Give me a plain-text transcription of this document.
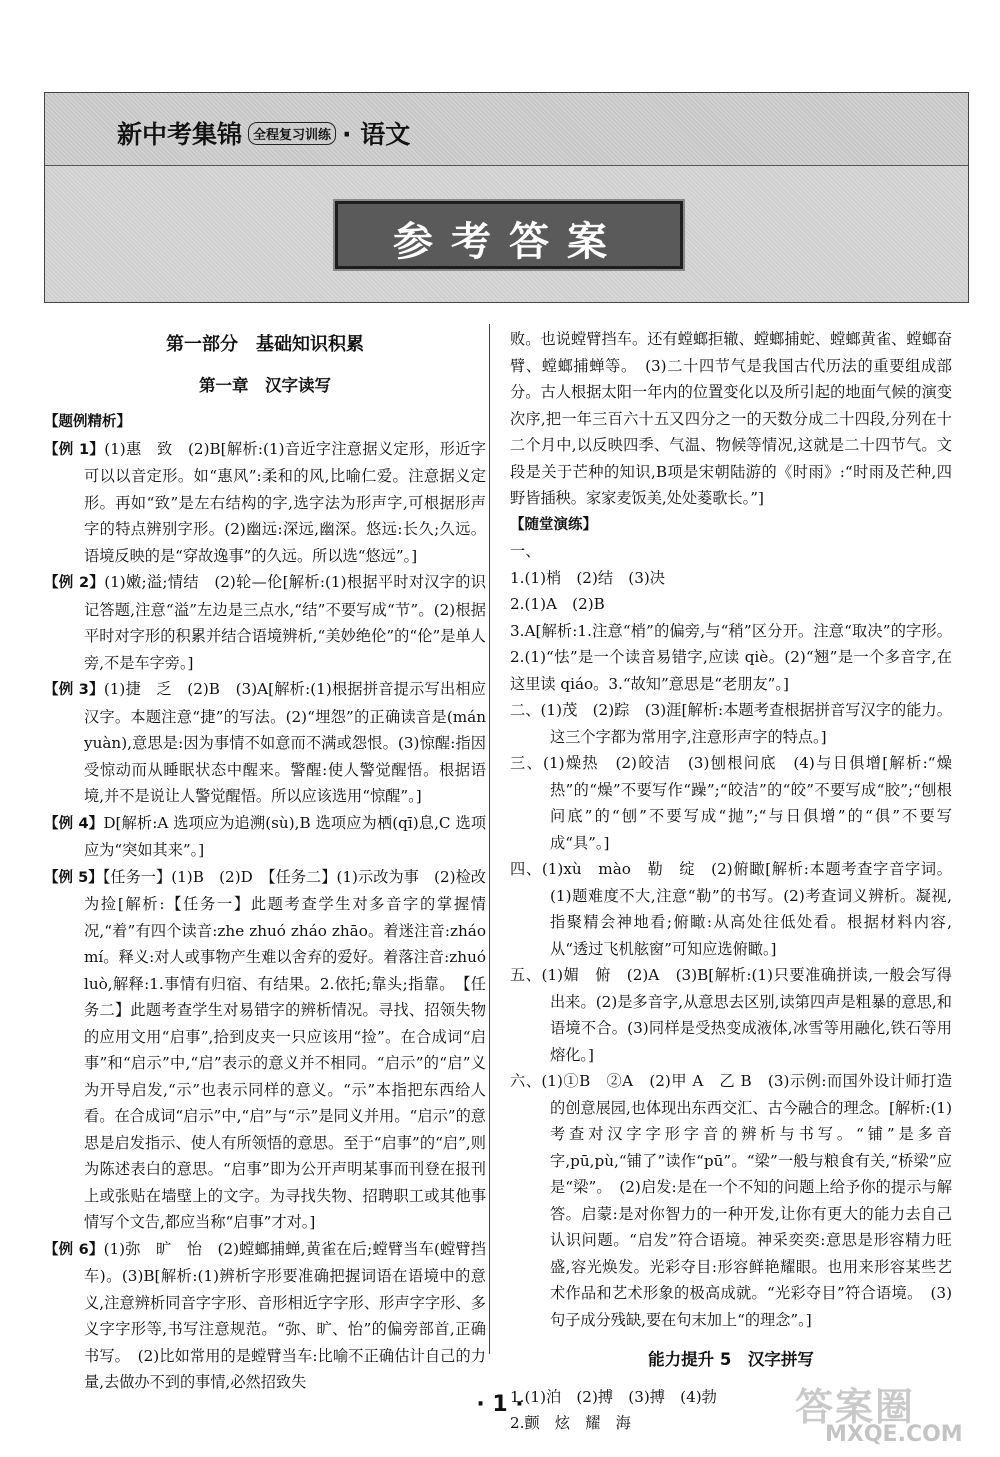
新中考集锦 全程复习训练 · 语文
参考答案

第一部分　基础知识积累

第一章　汉字读写

【题例精析】

【例 1】(1)惠　致　(2)B[解析:(1)音近字注意据义定形，形近字可以以音定形。如“惠风”:柔和的风,比喻仁爱。注意据义定形。再如“致”是左右结构的字,选字法为形声字,可根据形声字的特点辨别字形。(2)幽远:深远,幽深。悠远:长久;久远。语境反映的是“穿故逸事”的久远。所以选“悠远”。]

【例 2】(1)嫩;溢;情结　(2)轮—伦[解析:(1)根据平时对汉字的识记答题,注意“溢”左边是三点水,“结”不要写成“节”。(2)根据平时对字形的积累并结合语境辨析,“美妙绝伦”的“伦”是单人旁,不是车字旁。]

【例 3】(1)捷　乏　(2)B　(3)A[解析:(1)根据拼音提示写出相应汉字。本题注意“捷”的写法。(2)“埋怨”的正确读音是(mán yuàn),意思是:因为事情不如意而不满或怨恨。(3)惊醒:指因受惊动而从睡眠状态中醒来。警醒:使人警觉醒悟。根据语境,并不是说让人警觉醒悟。所以应该选用“惊醒”。]

【例 4】D[解析:A 选项应为追溯(sù),B 选项应为栖(qī)息,C 选项应为“突如其来”。]

【例 5】【任务一】(1)B　(2)D　【任务二】(1)示改为事　(2)检改为捡[解析:【任务一】此题考查学生对多音字的掌握情况,“着”有四个读音:zhe zhuó zháo zhāo。着迷注音:zháo mí。释义:对人或事物产生难以舍弃的爱好。着落注音:zhuó luò,解释:1.事情有归宿、有结果。2.依托;靠头;指靠。　【任务二】此题考查学生对易错字的辨析情况。寻找、招领失物的应用文用“启事”,拾到皮夹一只应该用“捡”。在合成词“启事”和“启示”中,“启”表示的意义并不相同。“启示”的“启”义为开导启发,“示”也表示同样的意义。“示”本指把东西给人看。在合成词“启示”中,“启”与“示”是同义并用。“启示”的意思是启发指示、使人有所领悟的意思。至于“启事”的“启”,则为陈述表白的意思。“启事”即为公开声明某事而刊登在报刊上或张贴在墙壁上的文字。为寻找失物、招聘职工或其他事情写个文告,都应当称“启事”才对。]

【例 6】(1)弥　旷　怡　(2)螳螂捕蝉,黄雀在后;螳臂当车(螳臂挡车)。(3)B[解析:(1)辨析字形要准确把握词语在语境中的意义,注意辨析同音字字形、音形相近字字形、形声字字形、多义字字形等,书写注意规范。“弥、旷、怡”的偏旁部首,正确书写。　(2)比如常用的是螳臂当车:比喻不正确估计自己的力量,去做办不到的事情,必然招致失

败。也说螳臂挡车。还有螳螂拒辙、螳螂捕蛇、螳螂黄雀、螳螂奋臂、螳螂捕蝉等。　(3)二十四节气是我国古代历法的重要组成部分。古人根据太阳一年内的位置变化以及所引起的地面气候的演变次序,把一年三百六十五又四分之一的天数分成二十四段,分列在十二个月中,以反映四季、气温、物候等情况,这就是二十四节气。文段是关于芒种的知识,B项是宋朝陆游的《时雨》:“时雨及芒种,四野皆插秧。家家麦饭美,处处菱歌长。”]

【随堂演练】

一、

1.(1)梢　(2)结　(3)决

2.(1)A　(2)B

3.A[解析:1.注意“梢”的偏旁,与“稍”区分开。注意“取决”的字形。2.(1)“怯”是一个读音易错字,应读 qiè。(2)“翘”是一个多音字,在这里读 qiáo。3.“故知”意思是“老朋友”。]

二、(1)茂　(2)踪　(3)涯[解析:本题考查根据拼音写汉字的能力。这三个字都为常用字,注意形声字的特点。]

三、(1)燥热　(2)皎洁　(3)刨根问底　(4)与日俱增[解析:“燥热”的“燥”不要写作“躁”;“皎洁”的“皎”不要写成“胶”;“刨根问底”的“刨”不要写成“抛”;“与日俱增”的“俱”不要写成“具”。]

四、(1)xù　mào　勒　绽　(2)俯瞰[解析:本题考查字音字词。(1)题难度不大,注意“勒”的书写。(2)考查词义辨析。凝视,指聚精会神地看;俯瞰:从高处往低处看。根据材料内容,从“透过飞机舷窗”可知应选俯瞰。]

五、(1)媚　俯　(2)A　(3)B[解析:(1)只要准确拼读,一般会写得出来。(2)是多音字,从意思去区别,读第四声是粗暴的意思,和语境不合。(3)同样是受热变成液体,冰雪等用融化,铁石等用熔化。]

六、(1)①B　②A　(2)甲 A　乙 B　(3)示例:而国外设计师打造的创意展园,也体现出东西交汇、古今融合的理念。[解析:(1)考查对汉字字形字音的辨析与书写。“铺”是多音字,pū,pù,“铺了”读作“pū”。“梁”一般与粮食有关,“桥梁”应是“梁”。　(2)启发:是在一个不知的问题上给予你的提示与解答。启蒙:是对你智力的一种开发,让你有更大的能力去自己认识问题。“启发”符合语境。神采奕奕:意思是形容精力旺盛,容光焕发。光彩夺目:形容鲜艳耀眼。也用来形容某些艺术作品和艺术形象的极高成就。“光彩夺目”符合语境。　(3)句子成分残缺,要在句末加上“的理念”。]

能力提升 5　汉字拼写

1.(1)泊　(2)搏　(3)搏　(4)勃

2.颤　炫　耀　海

· 1 ·	答案圈
MXQE.COM
